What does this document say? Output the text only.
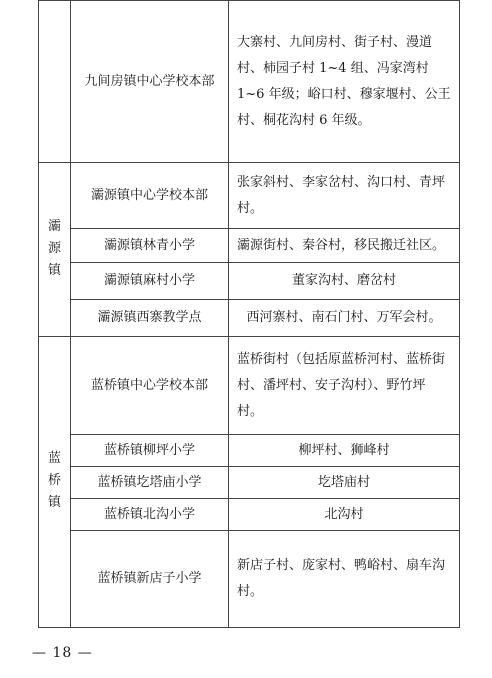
	九间房镇中心学校本部	大寨村、九间房村、街子村、漫道村、柿园子村 1~4 组、冯家湾村 1~6 年级；峪口村、穆家堰村、公王村、桐花沟村 6 年级。
灞源镇	灞源镇中心学校本部	张家斜村、李家岔村、沟口村、青坪村。
	灞源镇林青小学	灞源街村、秦谷村，移民搬迁社区。
	灞源镇麻村小学	董家沟村、磨岔村
	灞源镇西寨教学点	西河寨村、南石门村、万军会村。
蓝桥镇	蓝桥镇中心学校本部	蓝桥街村（包括原蓝桥河村、蓝桥街村、潘坪村、安子沟村）、野竹坪村。
	蓝桥镇柳坪小学	柳坪村、狮峰村
	蓝桥镇圪塔庙小学	圪塔庙村
	蓝桥镇北沟小学	北沟村
	蓝桥镇新店子小学	新店子村、庞家村、鸭峪村、扇车沟村。
— 18 —
